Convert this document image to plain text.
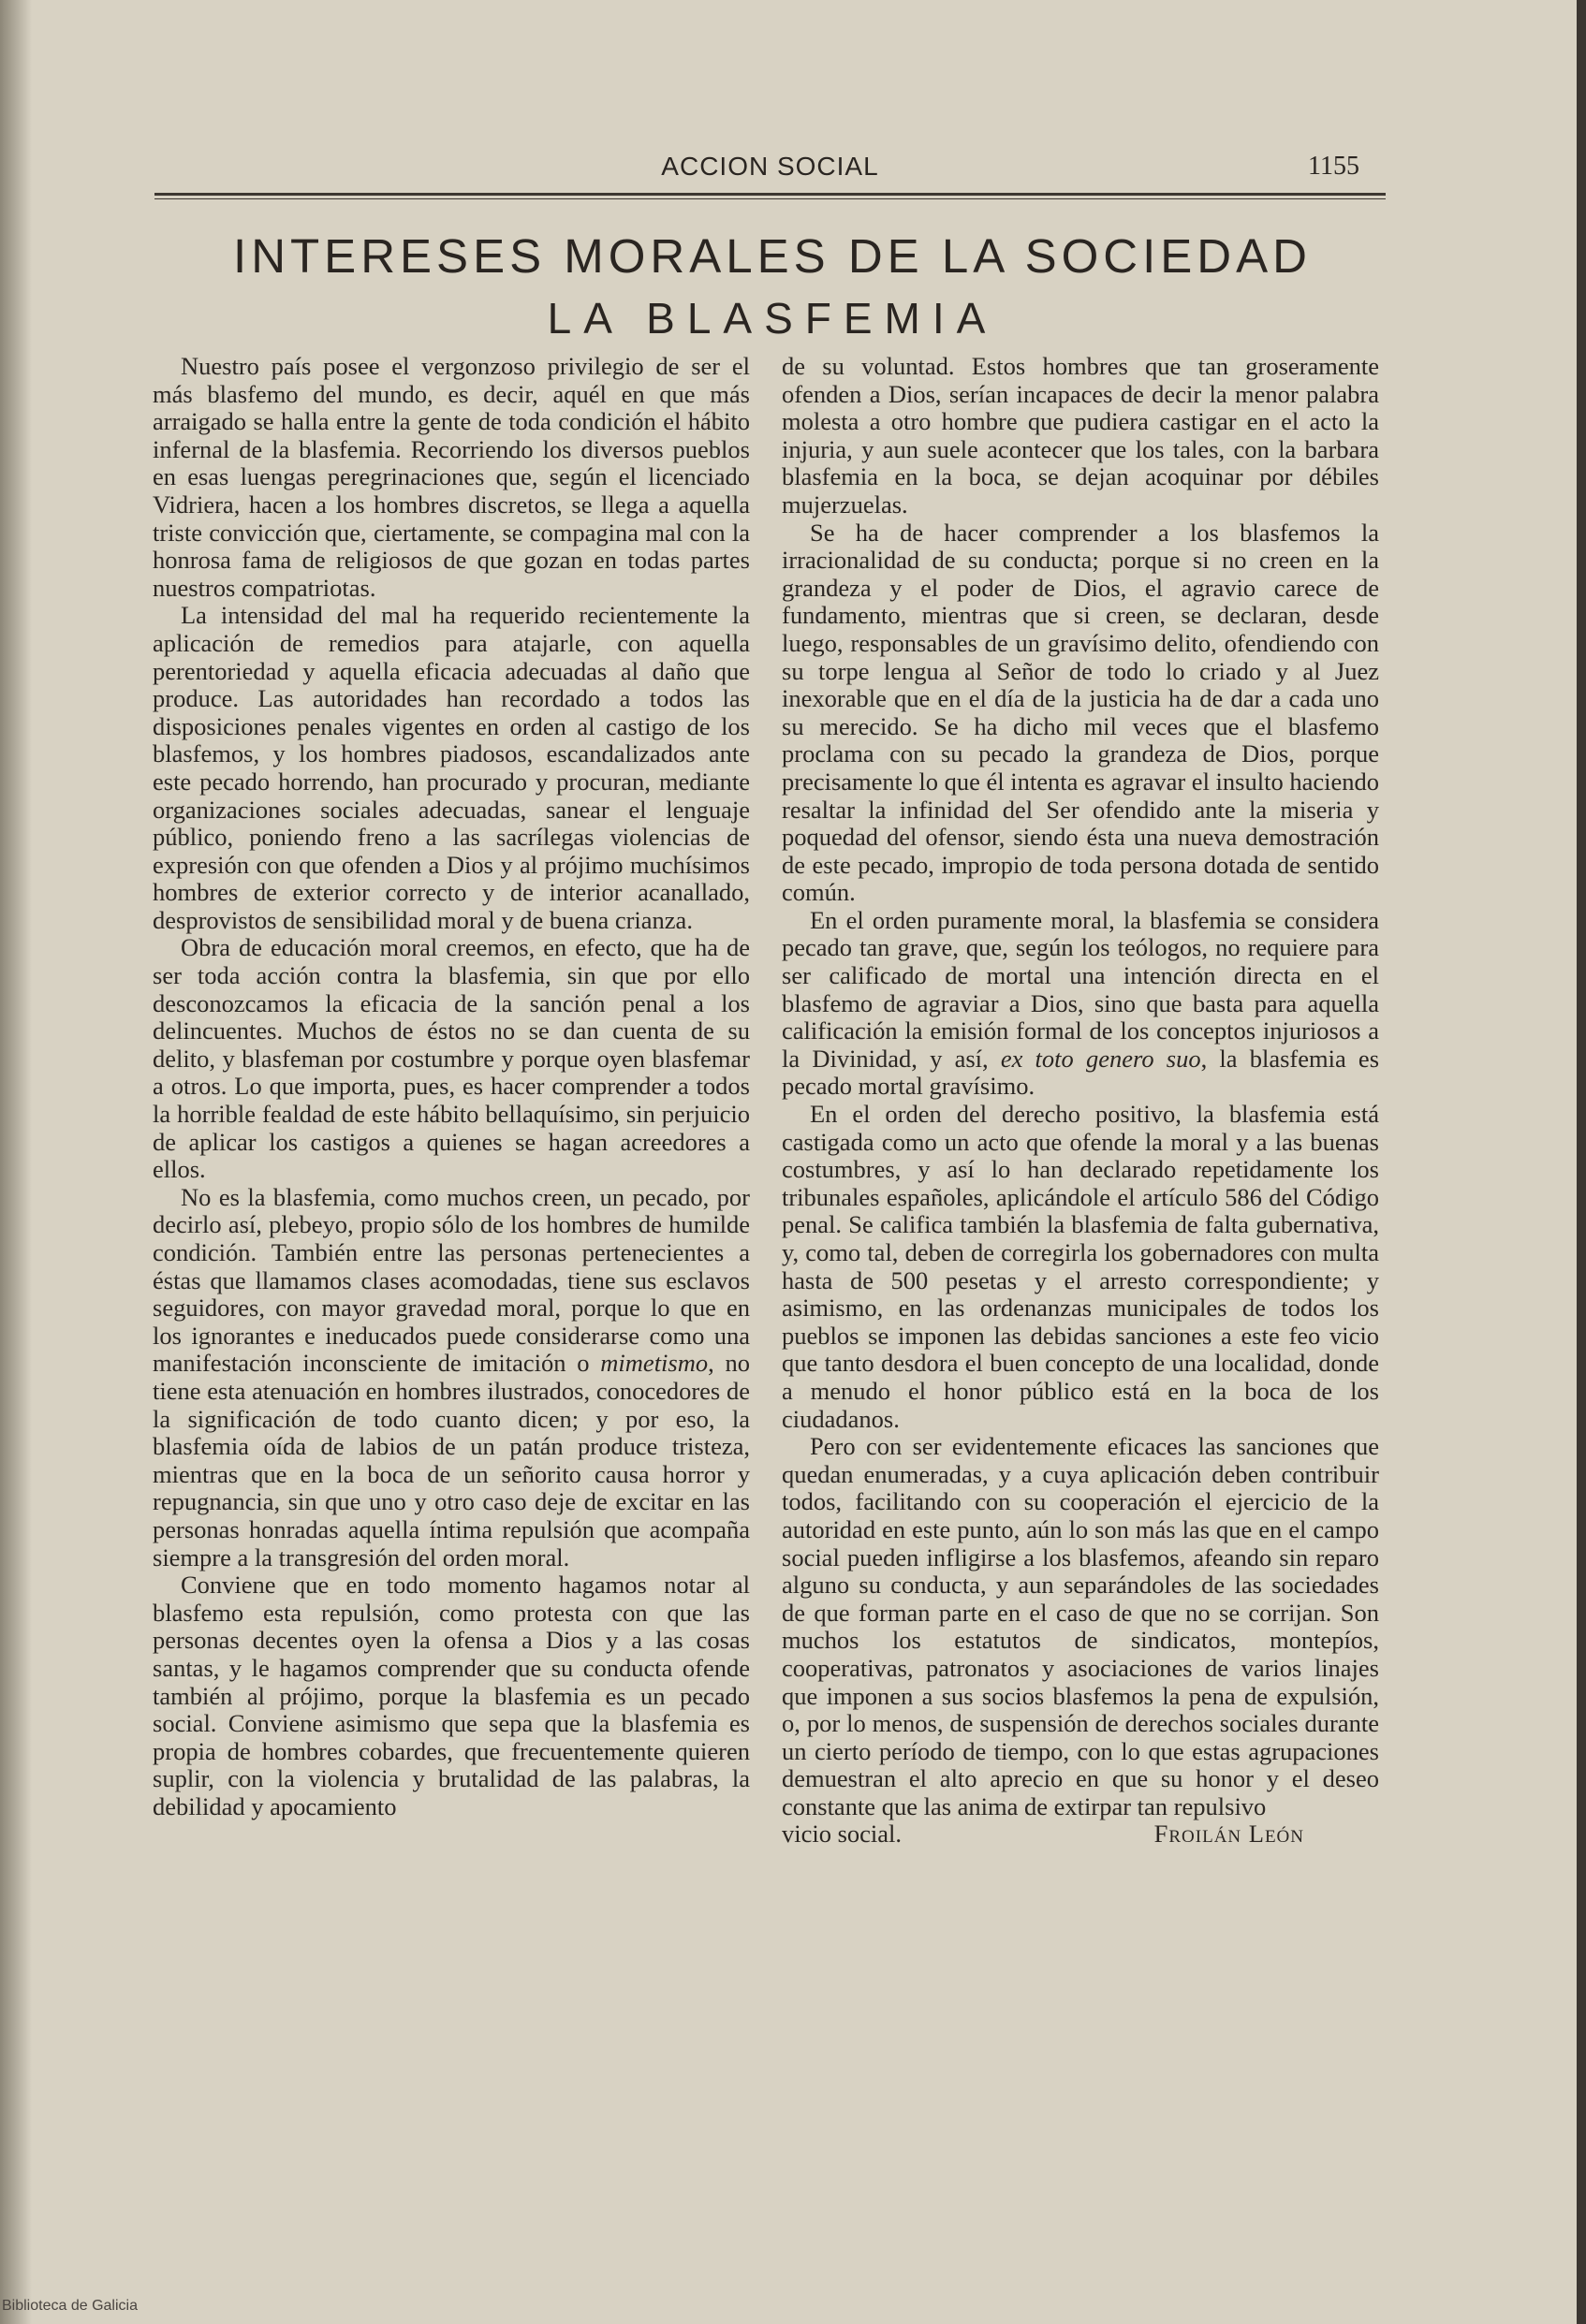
ACCION SOCIAL	1155
INTERESES MORALES DE LA SOCIEDAD
LA BLASFEMIA

Nuestro país posee el vergonzoso privilegio de ser el más blasfemo del mundo, es decir, aquél en que más arraigado se halla entre la gente de toda condición el hábito infernal de la blasfemia. Recorriendo los diversos pueblos en esas luengas peregrinaciones que, según el licenciado Vidriera, hacen a los hombres discretos, se llega a aquella triste convicción que, ciertamente, se compagina mal con la honrosa fama de religiosos de que gozan en todas partes nuestros compatriotas.

La intensidad del mal ha requerido recientemente la aplicación de remedios para atajarle, con aquella perentoriedad y aquella eficacia adecuadas al daño que produce. Las autoridades han recordado a todos las disposiciones penales vigentes en orden al castigo de los blasfemos, y los hombres piadosos, escandalizados ante este pecado horrendo, han procurado y procuran, mediante organizaciones sociales adecuadas, sanear el lenguaje público, poniendo freno a las sacrílegas violencias de expresión con que ofenden a Dios y al prójimo muchísimos hombres de exterior correcto y de interior acanallado, desprovistos de sensibilidad moral y de buena crianza.

Obra de educación moral creemos, en efecto, que ha de ser toda acción contra la blasfemia, sin que por ello desconozcamos la eficacia de la sanción penal a los delincuentes. Muchos de éstos no se dan cuenta de su delito, y blasfeman por costumbre y porque oyen blasfemar a otros. Lo que importa, pues, es hacer comprender a todos la horrible fealdad de este hábito bellaquísimo, sin perjuicio de aplicar los castigos a quienes se hagan acreedores a ellos.

No es la blasfemia, como muchos creen, un pecado, por decirlo así, plebeyo, propio sólo de los hombres de humilde condición. También entre las personas pertenecientes a éstas que llamamos clases acomodadas, tiene sus esclavos seguidores, con mayor gravedad moral, porque lo que en los ignorantes e ineducados puede considerarse como una manifestación inconsciente de imitación o mimetismo, no tiene esta atenuación en hombres ilustrados, conocedores de la significación de todo cuanto dicen; y por eso, la blasfemia oída de labios de un patán produce tristeza, mientras que en la boca de un señorito causa horror y repugnancia, sin que uno y otro caso deje de excitar en las personas honradas aquella íntima repulsión que acompaña siempre a la transgresión del orden moral.

Conviene que en todo momento hagamos notar al blasfemo esta repulsión, como protesta con que las personas decentes oyen la ofensa a Dios y a las cosas santas, y le hagamos comprender que su conducta ofende también al prójimo, porque la blasfemia es un pecado social. Conviene asimismo que sepa que la blasfemia es propia de hombres cobardes, que frecuentemente quieren suplir, con la violencia y brutalidad de las palabras, la debilidad y apocamiento

de su voluntad. Estos hombres que tan groseramente ofenden a Dios, serían incapaces de decir la menor palabra molesta a otro hombre que pudiera castigar en el acto la injuria, y aun suele acontecer que los tales, con la barbara blasfemia en la boca, se dejan acoquinar por débiles mujerzuelas.

Se ha de hacer comprender a los blasfemos la irracionalidad de su conducta; porque si no creen en la grandeza y el poder de Dios, el agravio carece de fundamento, mientras que si creen, se declaran, desde luego, responsables de un gravísimo delito, ofendiendo con su torpe lengua al Señor de todo lo criado y al Juez inexorable que en el día de la justicia ha de dar a cada uno su merecido. Se ha dicho mil veces que el blasfemo proclama con su pecado la grandeza de Dios, porque precisamente lo que él intenta es agravar el insulto haciendo resaltar la infinidad del Ser ofendido ante la miseria y poquedad del ofensor, siendo ésta una nueva demostración de este pecado, impropio de toda persona dotada de sentido común.

En el orden puramente moral, la blasfemia se considera pecado tan grave, que, según los teólogos, no requiere para ser calificado de mortal una intención directa en el blasfemo de agraviar a Dios, sino que basta para aquella calificación la emisión formal de los conceptos injuriosos a la Divinidad, y así, ex toto genero suo, la blasfemia es pecado mortal gravísimo.

En el orden del derecho positivo, la blasfemia está castigada como un acto que ofende la moral y a las buenas costumbres, y así lo han declarado repetidamente los tribunales españoles, aplicándole el artículo 586 del Código penal. Se califica también la blasfemia de falta gubernativa, y, como tal, deben de corregirla los gobernadores con multa hasta de 500 pesetas y el arresto correspondiente; y asimismo, en las ordenanzas municipales de todos los pueblos se imponen las debidas sanciones a este feo vicio que tanto desdora el buen concepto de una localidad, donde a menudo el honor público está en la boca de los ciudadanos.

Pero con ser evidentemente eficaces las sanciones que quedan enumeradas, y a cuya aplicación deben contribuir todos, facilitando con su cooperación el ejercicio de la autoridad en este punto, aún lo son más las que en el campo social pueden infligirse a los blasfemos, afeando sin reparo alguno su conducta, y aun separándoles de las sociedades de que forman parte en el caso de que no se corrijan. Son muchos los estatutos de sindicatos, montepíos, cooperativas, patronatos y asociaciones de varios linajes que imponen a sus socios blasfemos la pena de expulsión, o, por lo menos, de suspensión de derechos sociales durante un cierto período de tiempo, con lo que estas agrupaciones demuestran el alto aprecio en que su honor y el deseo constante que las anima de extirpar tan repulsivo

vicio social.	Froilán León

Biblioteca de Galicia
